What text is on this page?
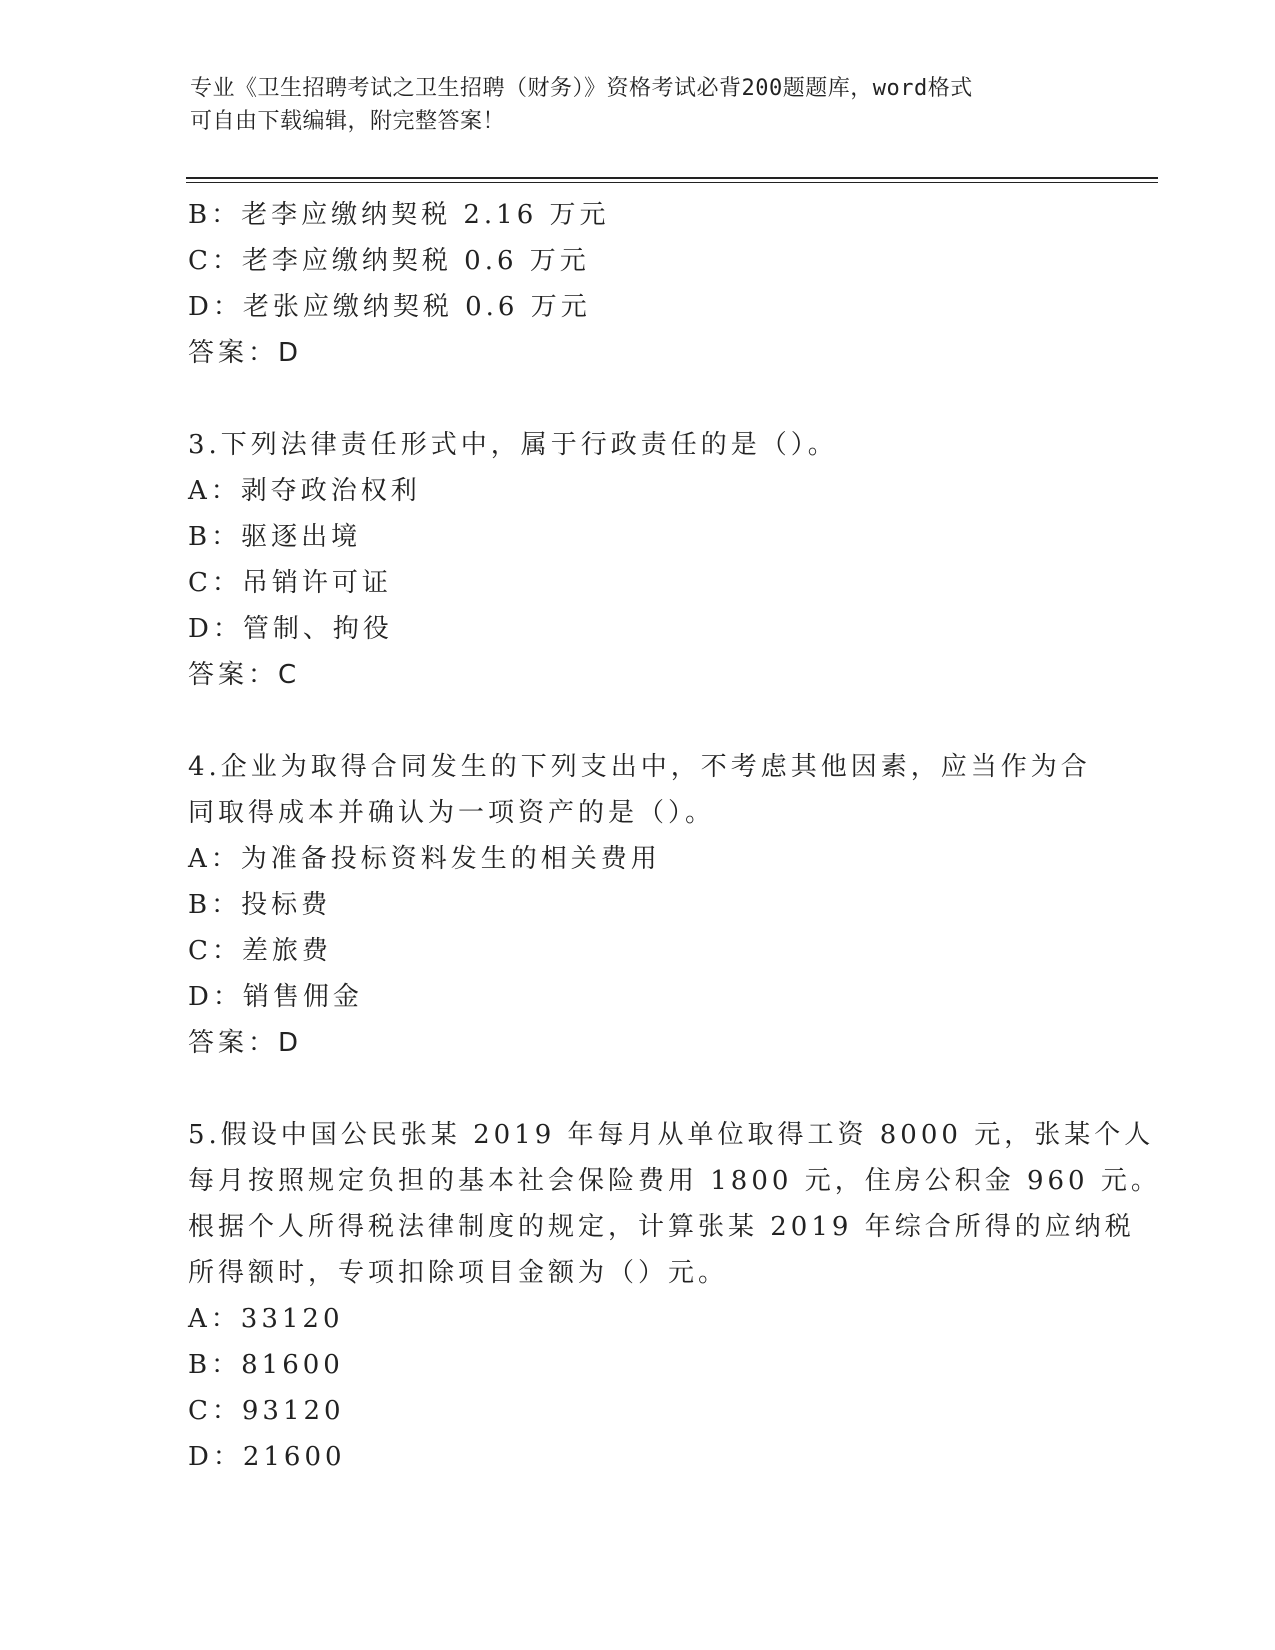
专业《卫生招聘考试之卫生招聘（财务）》资格考试必背200题题库，word格式
可自由下载编辑，附完整答案！
B：老李应缴纳契税 2.16 万元
C：老李应缴纳契税 0.6 万元
D：老张应缴纳契税 0.6 万元
答案：D
3.下列法律责任形式中，属于行政责任的是（）。
A：剥夺政治权利
B：驱逐出境
C：吊销许可证
D：管制、拘役
答案：C
4.企业为取得合同发生的下列支出中，不考虑其他因素，应当作为合
同取得成本并确认为一项资产的是（）。
A：为准备投标资料发生的相关费用
B：投标费
C：差旅费
D：销售佣金
答案：D
5.假设中国公民张某 2019 年每月从单位取得工资 8000 元，张某个人
每月按照规定负担的基本社会保险费用 1800 元，住房公积金 960 元。
根据个人所得税法律制度的规定，计算张某 2019 年综合所得的应纳税
所得额时，专项扣除项目金额为（）元。
A：33120
B：81600
C：93120
D：21600
